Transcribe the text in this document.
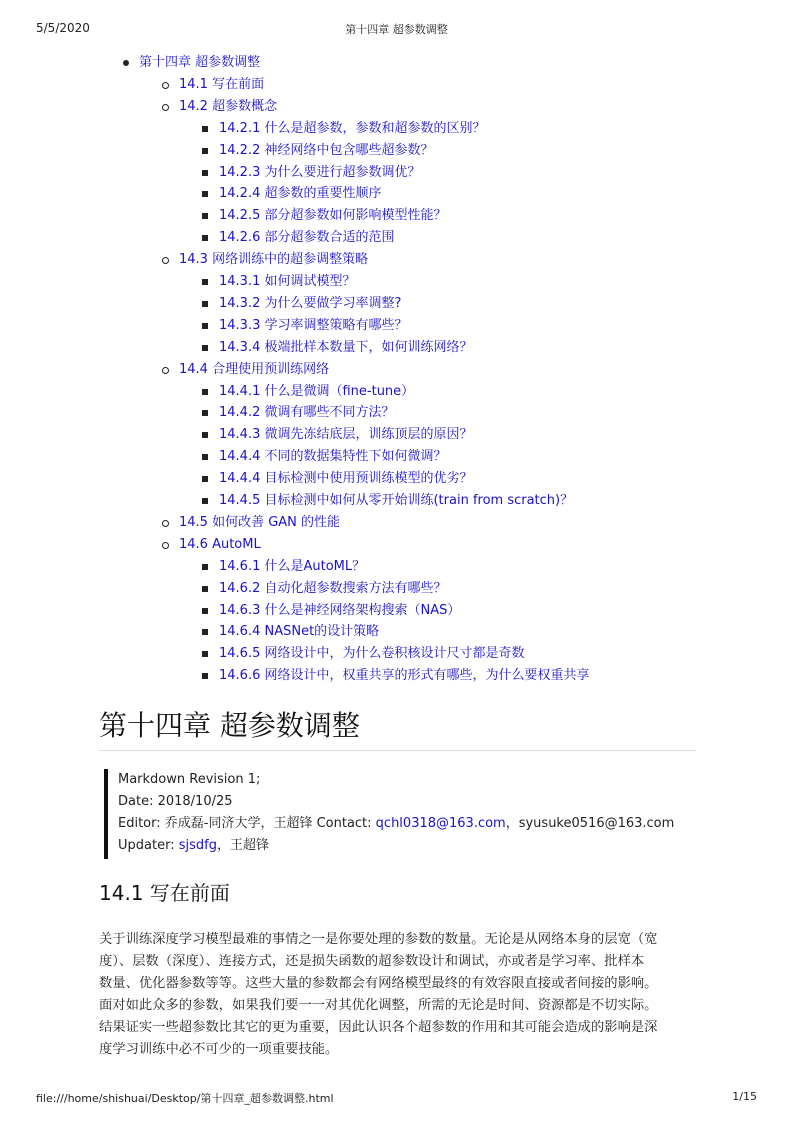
5/5/2020	第十四章 超参数调整
第十四章 超参数调整
14.1 写在前面
14.2 超参数概念
14.2.1 什么是超参数，参数和超参数的区别？
14.2.2 神经网络中包含哪些超参数？
14.2.3 为什么要进行超参数调优？
14.2.4 超参数的重要性顺序
14.2.5 部分超参数如何影响模型性能？
14.2.6 部分超参数合适的范围
14.3 网络训练中的超参调整策略
14.3.1 如何调试模型？
14.3.2 为什么要做学习率调整?
14.3.3 学习率调整策略有哪些？
14.3.4 极端批样本数量下，如何训练网络？
14.4 合理使用预训练网络
14.4.1 什么是微调（fine-tune）
14.4.2 微调有哪些不同方法？
14.4.3 微调先冻结底层，训练顶层的原因？
14.4.4 不同的数据集特性下如何微调？
14.4.4 目标检测中使用预训练模型的优劣？
14.4.5 目标检测中如何从零开始训练(train from scratch)？
14.5 如何改善 GAN 的性能
14.6 AutoML
14.6.1 什么是AutoML？
14.6.2 自动化超参数搜索方法有哪些？
14.6.3 什么是神经网络架构搜索（NAS）
14.6.4 NASNet的设计策略
14.6.5 网络设计中，为什么卷积核设计尺寸都是奇数
14.6.6 网络设计中，权重共享的形式有哪些，为什么要权重共享
第十四章 超参数调整
Markdown Revision 1;
Date: 2018/10/25
Editor: 乔成磊-同济大学，王超锋 Contact: qchl0318@163.com，syusuke0516@163.com
Updater: sjsdfg，王超锋
14.1 写在前面
关于训练深度学习模型最难的事情之一是你要处理的参数的数量。无论是从网络本身的层宽（宽
度）、层数（深度）、连接方式，还是损失函数的超参数设计和调试，亦或者是学习率、批样本
数量、优化器参数等等。这些大量的参数都会有网络模型最终的有效容限直接或者间接的影响。
面对如此众多的参数，如果我们要一一对其优化调整，所需的无论是时间、资源都是不切实际。
结果证实一些超参数比其它的更为重要，因此认识各个超参数的作用和其可能会造成的影响是深
度学习训练中必不可少的一项重要技能。
file:///home/shishuai/Desktop/第十四章_超参数调整.html	1/15
